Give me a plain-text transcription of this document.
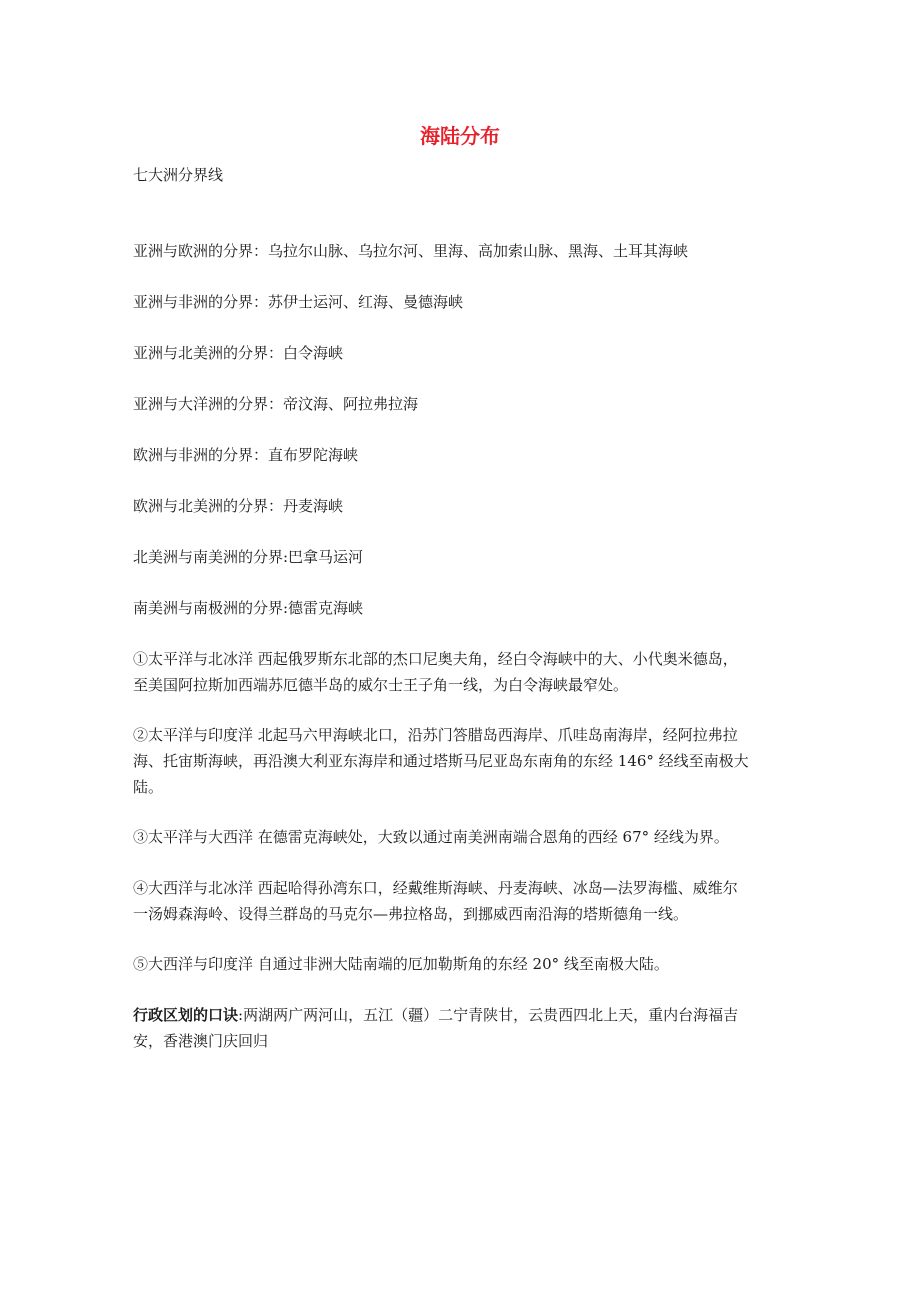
海陆分布
七大洲分界线
亚洲与欧洲的分界：乌拉尔山脉、乌拉尔河、里海、高加索山脉、黑海、土耳其海峡
亚洲与非洲的分界：苏伊士运河、红海、曼德海峡
亚洲与北美洲的分界：白令海峡
亚洲与大洋洲的分界：帝汶海、阿拉弗拉海
欧洲与非洲的分界：直布罗陀海峡
欧洲与北美洲的分界：丹麦海峡
北美洲与南美洲的分界:巴拿马运河
南美洲与南极洲的分界:德雷克海峡
①太平洋与北冰洋 西起俄罗斯东北部的杰口尼奥夫角，经白令海峡中的大、小代奥米德岛，
至美国阿拉斯加西端苏厄德半岛的威尔士王子角一线，为白令海峡最窄处。
②太平洋与印度洋 北起马六甲海峡北口，沿苏门答腊岛西海岸、爪哇岛南海岸，经阿拉弗拉
海、托宙斯海峡，再沿澳大利亚东海岸和通过塔斯马尼亚岛东南角的东经 146° 经线至南极大
陆。
③太平洋与大西洋 在德雷克海峡处，大致以通过南美洲南端合恩角的西经 67° 经线为界。
④大西洋与北冰洋 西起哈得孙湾东口，经戴维斯海峡、丹麦海峡、冰岛—法罗海槛、威维尔
一汤姆森海岭、设得兰群岛的马克尔—弗拉格岛，到挪威西南沿海的塔斯德角一线。
⑤大西洋与印度洋 自通过非洲大陆南端的厄加勒斯角的东经 20° 线至南极大陆。
行政区划的口诀:两湖两广两河山，五江（疆）二宁青陕甘，云贵西四北上天，重内台海福吉
安，香港澳门庆回归
